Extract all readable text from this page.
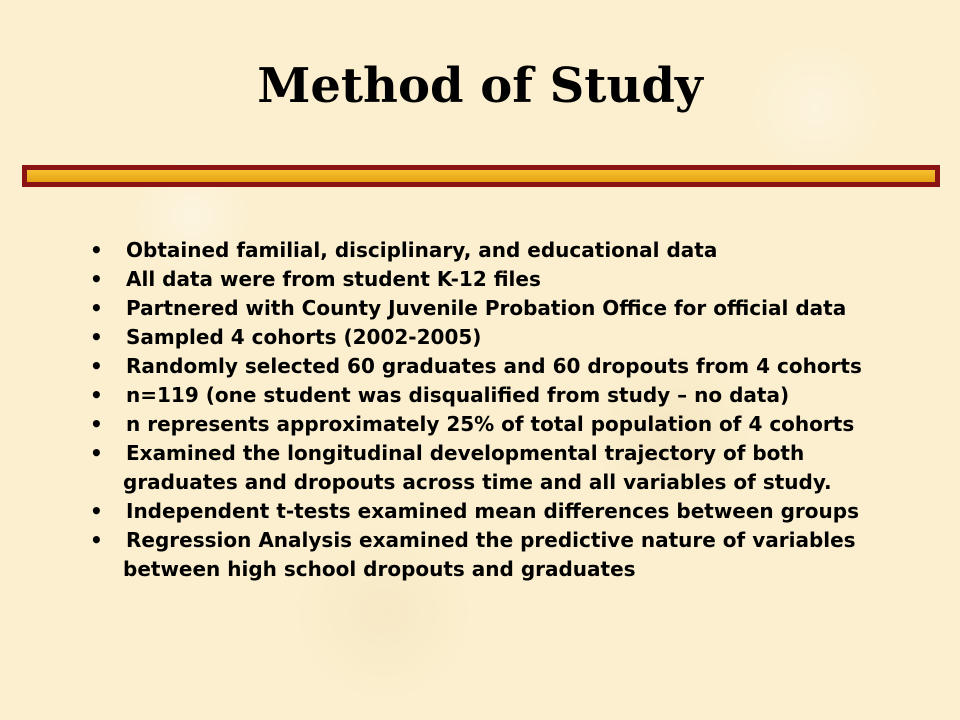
Method of Study
•	Obtained familial, disciplinary, and educational data
•	All data were from student K-12 files
•	Partnered with County Juvenile Probation Office for official data
•	Sampled 4 cohorts (2002-2005)
•	Randomly selected 60 graduates and 60 dropouts from 4 cohorts
•	n=119 (one student was disqualified from study – no data)
•	n represents approximately 25% of total population of 4 cohorts
•	Examined the longitudinal developmental trajectory of both
graduates and dropouts across time and all variables of study.
•	Independent t-tests examined mean differences between groups
•	Regression Analysis examined the predictive nature of variables
between high school dropouts and graduates
